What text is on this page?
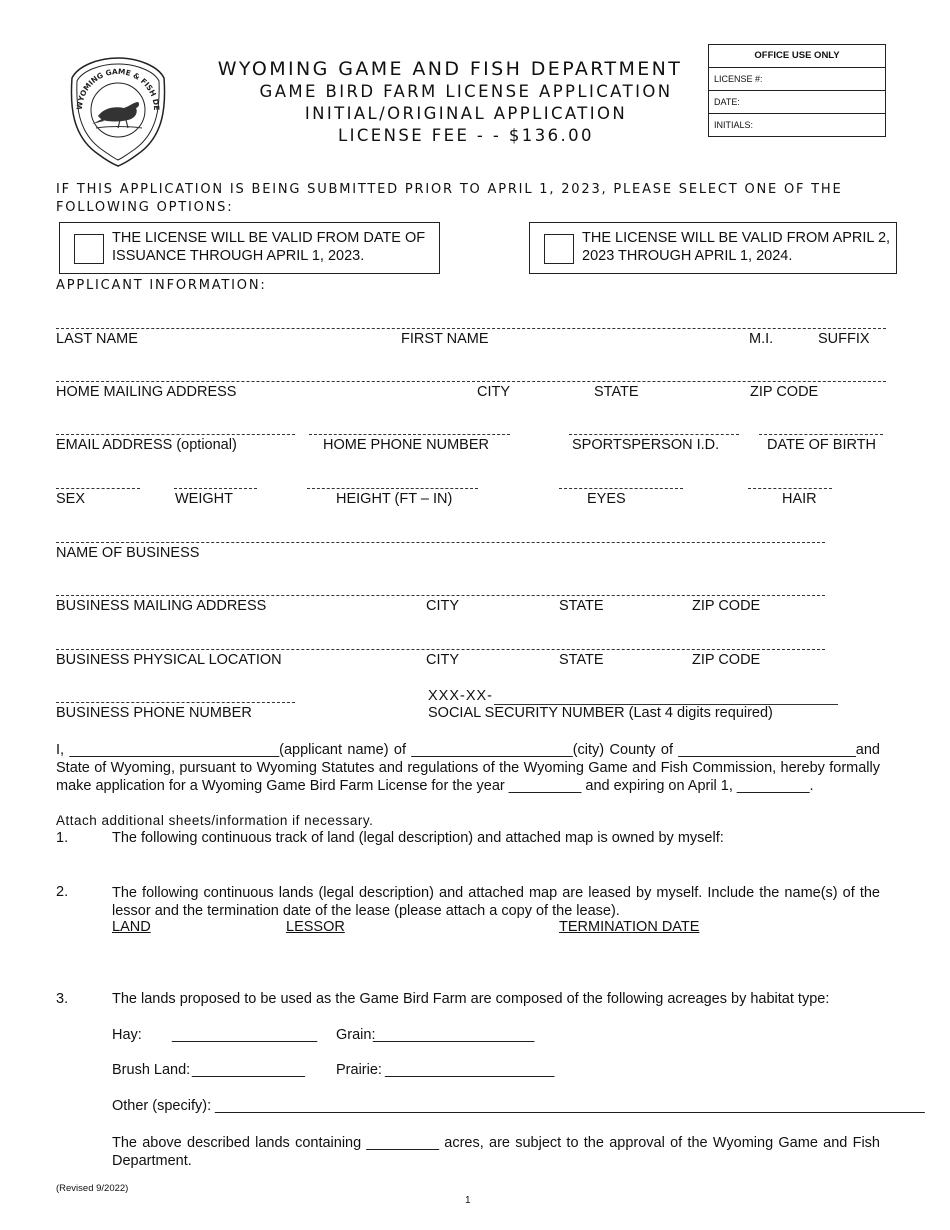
WYOMING GAME & FISH DE
WYOMING GAME AND FISH DEPARTMENT
GAME BIRD FARM LICENSE APPLICATION
INITIAL/ORIGINAL APPLICATION
LICENSE FEE - - $136.00
OFFICE USE ONLY
LICENSE #:
DATE:
INITIALS:
IF THIS APPLICATION IS BEING SUBMITTED PRIOR TO APRIL 1, 2023, PLEASE SELECT ONE OF THE FOLLOWING OPTIONS:
THE LICENSE WILL BE VALID FROM DATE OF ISSUANCE THROUGH APRIL 1, 2023.
THE LICENSE WILL BE VALID FROM APRIL 2, 2023 THROUGH APRIL 1, 2024.
APPLICANT INFORMATION:
LAST NAME	FIRST NAME	M.I.	SUFFIX
HOME MAILING ADDRESS	CITY	STATE	ZIP CODE
EMAIL ADDRESS (optional)	HOME PHONE NUMBER	SPORTSPERSON I.D.	DATE OF BIRTH
SEX	WEIGHT	HEIGHT (FT – IN)	EYES	HAIR
NAME OF BUSINESS
BUSINESS MAILING ADDRESS	CITY	STATE	ZIP CODE
BUSINESS PHYSICAL LOCATION	CITY	STATE	ZIP CODE
XXX-XX-
BUSINESS PHONE NUMBER	SOCIAL SECURITY NUMBER (Last 4 digits required)
I, __________________________(applicant name) of ____________________(city) County of ______________________and State of Wyoming, pursuant to Wyoming Statutes and regulations of the Wyoming Game and Fish Commission, hereby formally make application for a Wyoming Game Bird Farm License for the year _________ and expiring on April 1, _________.
Attach additional sheets/information if necessary.
1.	The following continuous track of land (legal description) and attached map is owned by myself:
2.	The following continuous lands (legal description) and attached map are leased by myself. Include the name(s) of the lessor and the termination date of the lease (please attach a copy of the lease).
LAND	LESSOR	TERMINATION DATE
3.	The lands proposed to be used as the Game Bird Farm are composed of the following acreages by habitat type:
Hay: __________________ Grain:
____________________
Brush Land: ______________ Prairie: _____________________
Other (specify): ________________________________________________________________________________________
The above described lands containing _________ acres, are subject to the approval of the Wyoming Game and Fish Department.
(Revised 9/2022)
1
